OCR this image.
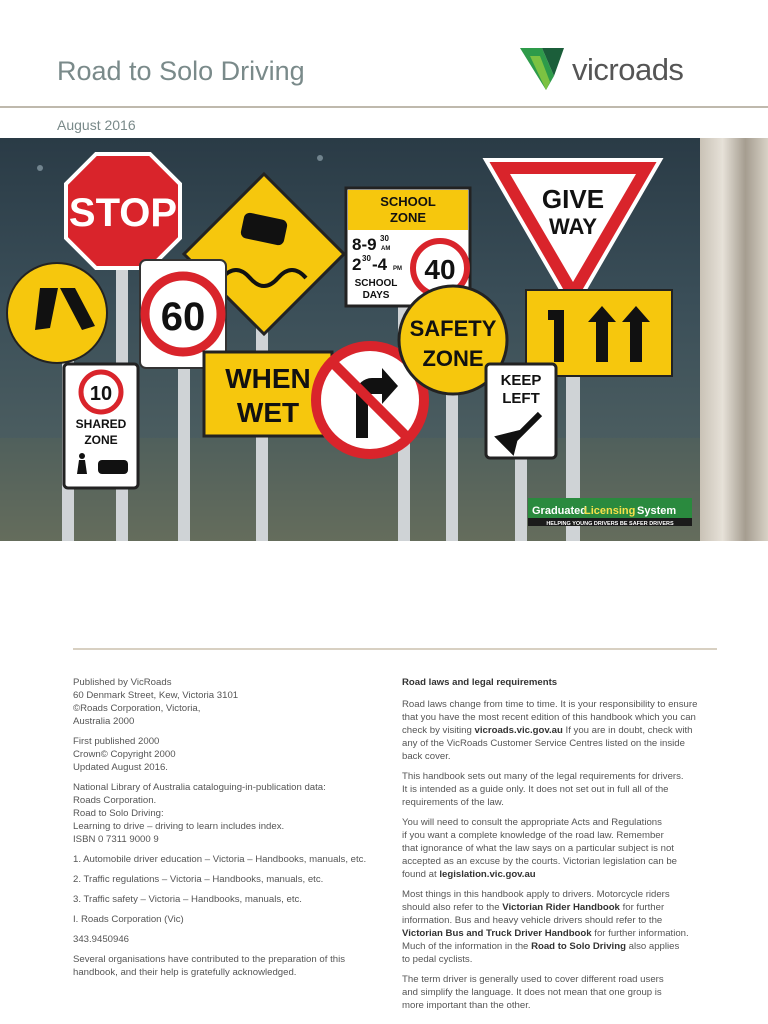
Road to Solo Driving	vicroads
August 2016
STOP
60
SCHOOL
ZONE
8-9 30
AM
2 30 -4 PM
SCHOOL
DAYS
40
GIVE
WAY
WHEN
WET
SAFETY
ZONE
KEEP
LEFT
10
SHARED
ZONE
Graduated
Licensing System
HELPING YOUNG DRIVERS BE SAFER DRIVERS

Published by VicRoads
60 Denmark Street, Kew, Victoria 3101
©Roads Corporation, Victoria,
Australia 2000

First published 2000
Crown© Copyright 2000
Updated August 2016.

National Library of Australia cataloguing-in-publication data:
Roads Corporation.
Road to Solo Driving:
Learning to drive – driving to learn includes index.
ISBN 0 7311 9000 9

1. Automobile driver education – Victoria – Handbooks, manuals, etc.

2. Traffic regulations – Victoria – Handbooks, manuals, etc.

3. Traffic safety – Victoria – Handbooks, manuals, etc.

I. Roads Corporation (Vic)

343.9450946

Several organisations have contributed to the preparation of this
handbook, and their help is gratefully acknowledged.

Road laws and legal requirements

Road laws change from time to time. It is your responsibility to ensure
that you have the most recent edition of this handbook which you can
check by visiting vicroads.vic.gov.au If you are in doubt, check with
any of the VicRoads Customer Service Centres listed on the inside
back cover.

This handbook sets out many of the legal requirements for drivers.
It is intended as a guide only. It does not set out in full all of the
requirements of the law.

You will need to consult the appropriate Acts and Regulations
if you want a complete knowledge of the road law. Remember
that ignorance of what the law says on a particular subject is not
accepted as an excuse by the courts. Victorian legislation can be
found at legislation.vic.gov.au

Most things in this handbook apply to drivers. Motorcycle riders
should also refer to the Victorian Rider Handbook for further
information. Bus and heavy vehicle drivers should refer to the
Victorian Bus and Truck Driver Handbook for further information.
Much of the information in the Road to Solo Driving also applies
to pedal cyclists.

The term driver is generally used to cover different road users
and simplify the language. It does not mean that one group is
more important than the other.
